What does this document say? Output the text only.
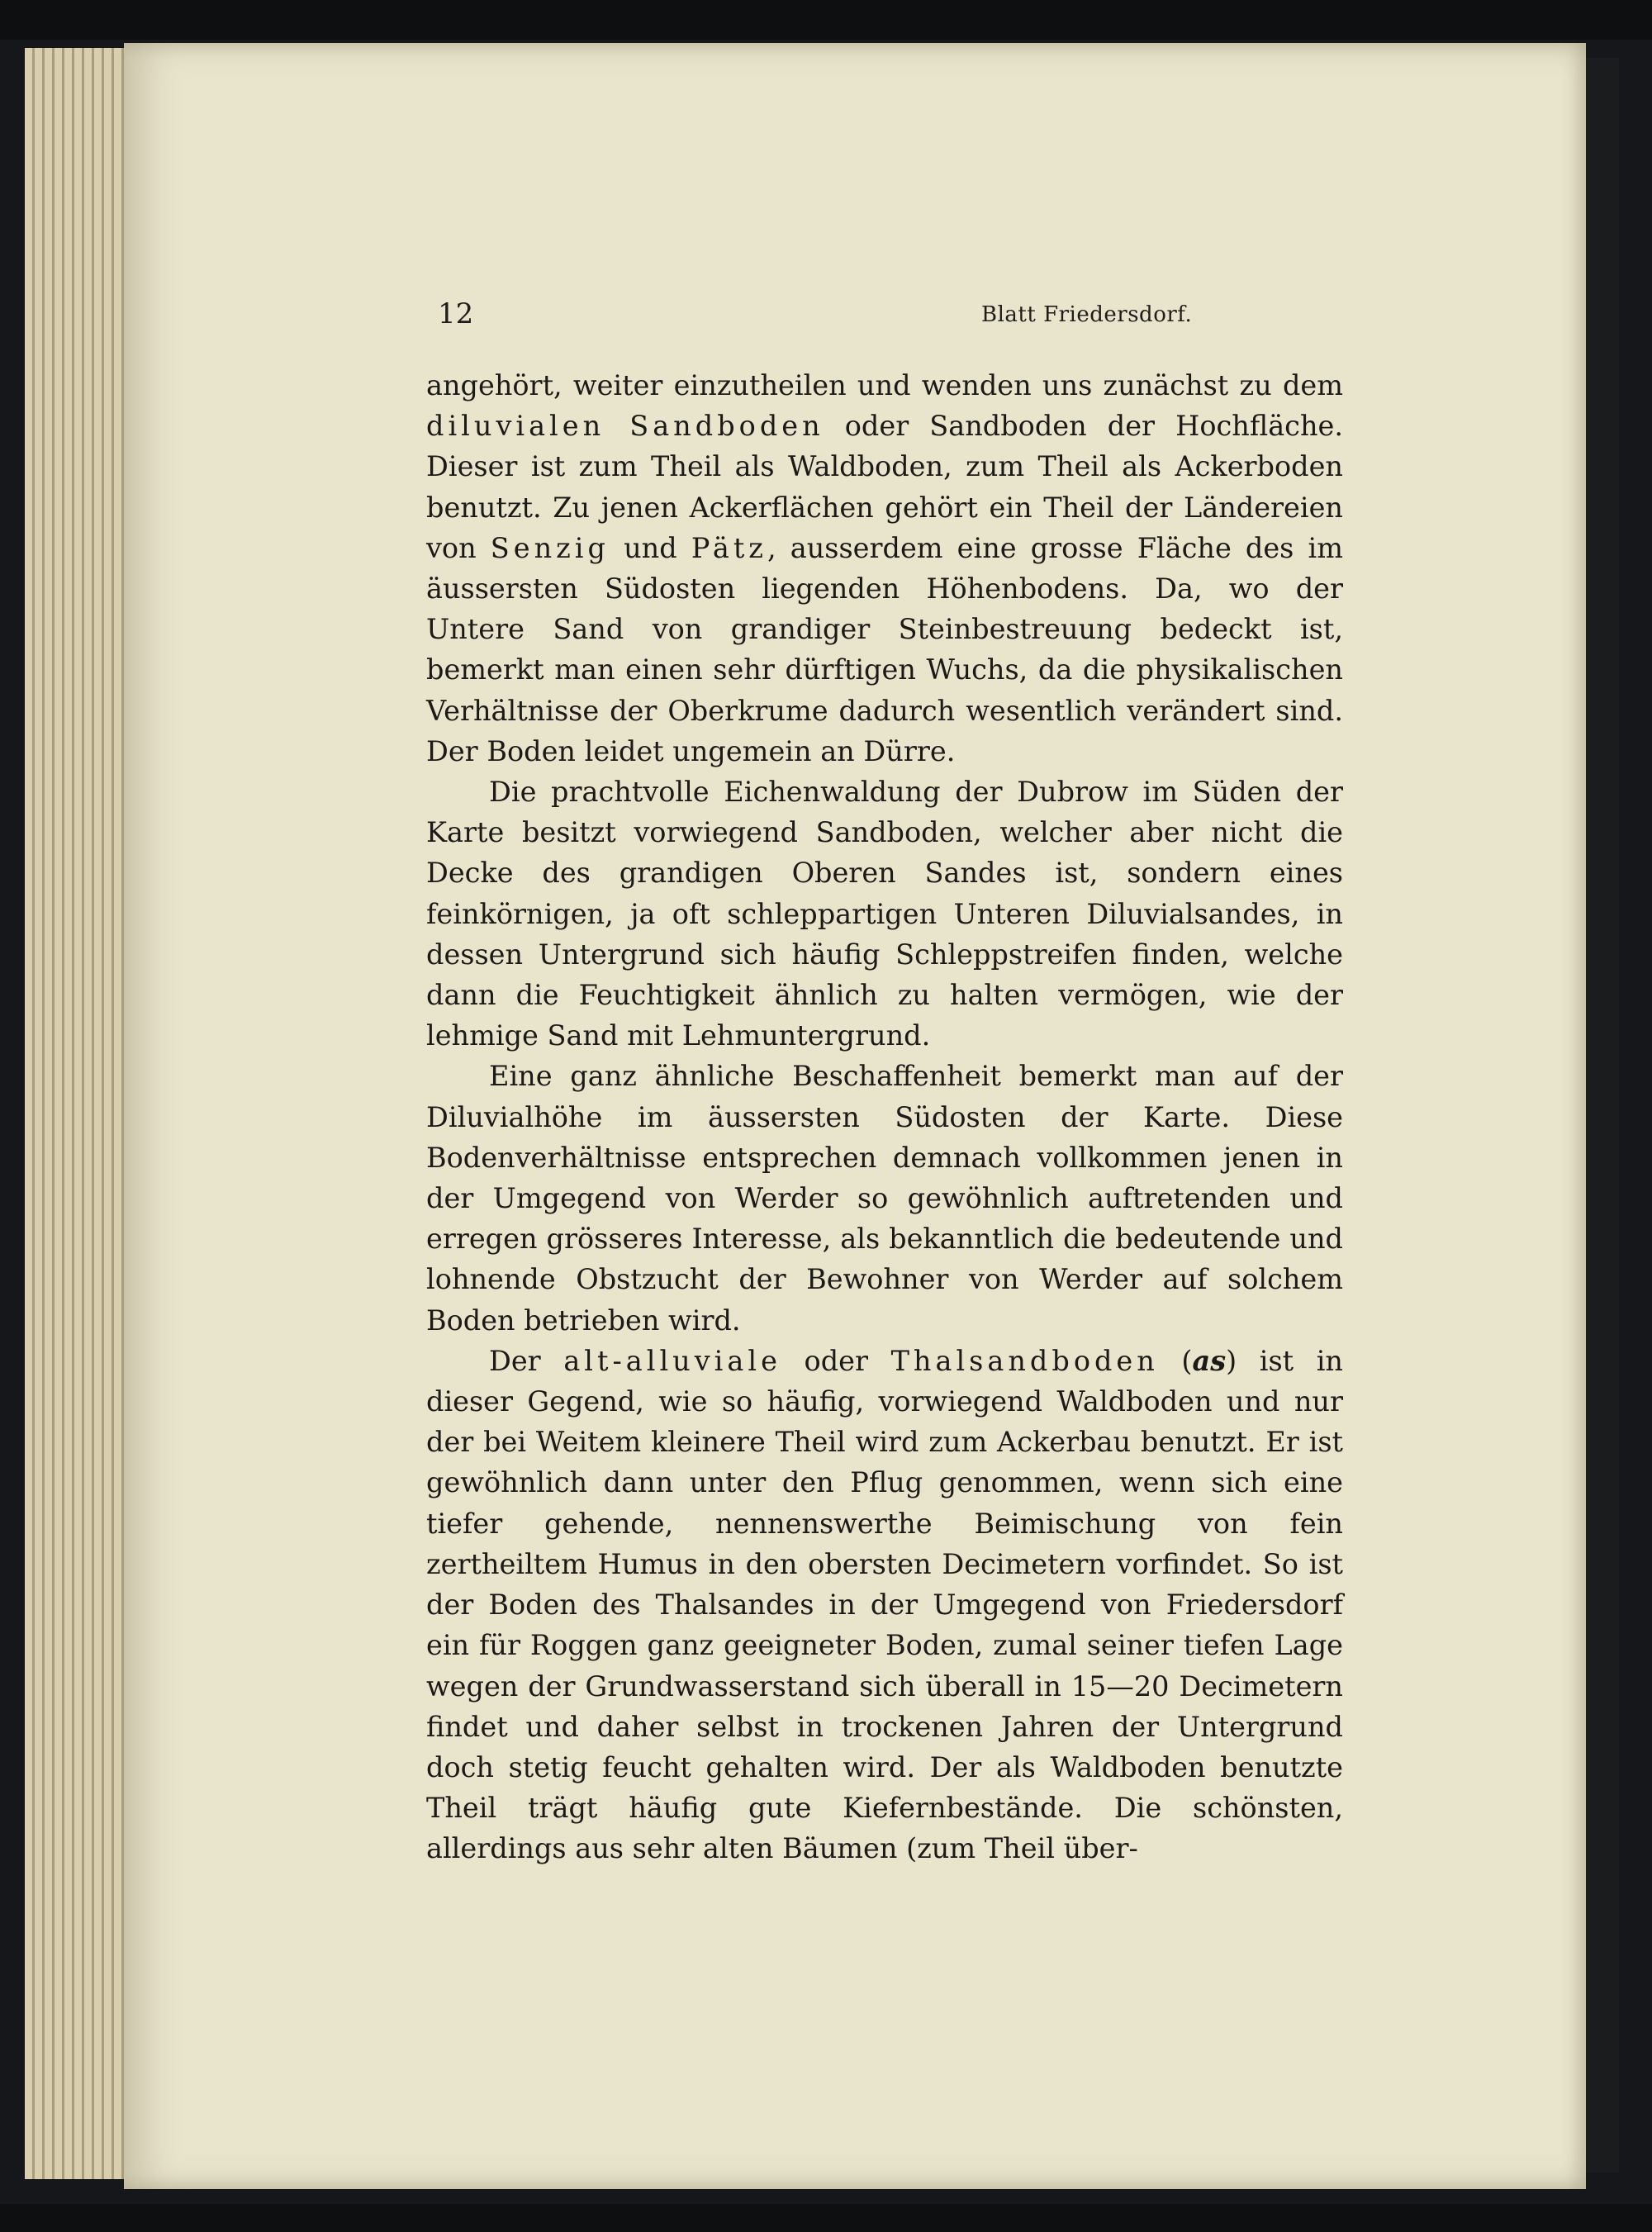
12	Blatt Friedersdorf.

angehört, weiter einzutheilen und wenden uns zunächst zu dem diluvialen Sandboden oder Sandboden der Hochfläche. Dieser ist zum Theil als Waldboden, zum Theil als Ackerboden benutzt. Zu jenen Ackerflächen gehört ein Theil der Ländereien von Senzig und Pätz, ausserdem eine grosse Fläche des im äussersten Südosten liegenden Höhenbodens. Da, wo der Untere Sand von grandiger Steinbestreuung bedeckt ist, bemerkt man einen sehr dürftigen Wuchs, da die physikalischen Verhältnisse der Oberkrume dadurch wesentlich verändert sind. Der Boden leidet ungemein an Dürre.

Die prachtvolle Eichenwaldung der Dubrow im Süden der Karte besitzt vorwiegend Sandboden, welcher aber nicht die Decke des grandigen Oberen Sandes ist, sondern eines feinkörnigen, ja oft schleppartigen Unteren Diluvialsandes, in dessen Untergrund sich häufig Schleppstreifen finden, welche dann die Feuchtigkeit ähnlich zu halten vermögen, wie der lehmige Sand mit Lehmuntergrund.

Eine ganz ähnliche Beschaffenheit bemerkt man auf der Diluvialhöhe im äussersten Südosten der Karte. Diese Bodenverhältnisse entsprechen demnach vollkommen jenen in der Umgegend von Werder so gewöhnlich auftretenden und erregen grösseres Interesse, als bekanntlich die bedeutende und lohnende Obstzucht der Bewohner von Werder auf solchem Boden betrieben wird.

Der alt-alluviale oder Thalsandboden (as) ist in dieser Gegend, wie so häufig, vorwiegend Waldboden und nur der bei Weitem kleinere Theil wird zum Ackerbau benutzt. Er ist gewöhnlich dann unter den Pflug genommen, wenn sich eine tiefer gehende, nennenswerthe Beimischung von fein zertheiltem Humus in den obersten Decimetern vorfindet. So ist der Boden des Thalsandes in der Umgegend von Friedersdorf ein für Roggen ganz geeigneter Boden, zumal seiner tiefen Lage wegen der Grundwasserstand sich überall in 15—20 Decimetern findet und daher selbst in trockenen Jahren der Untergrund doch stetig feucht gehalten wird. Der als Waldboden benutzte Theil trägt häufig gute Kiefernbestände. Die schönsten, allerdings aus sehr alten Bäumen (zum Theil über-
